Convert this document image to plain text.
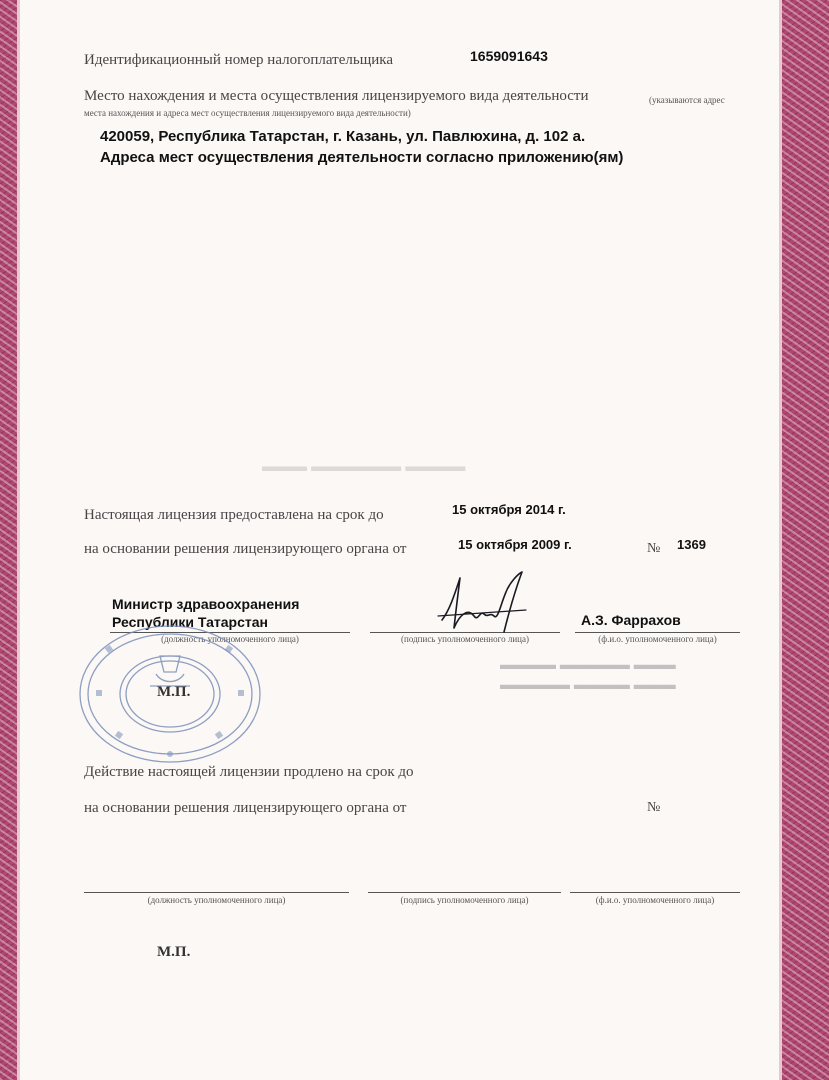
▬▬▬▬ ▬▬▬▬▬▬ ▬▬▬
▬▬▬ ▬▬▬▬▬ ▬▬▬▬
▬▬▬ ▬▬▬▬ ▬▬▬▬▬
Идентификационный номер налогоплательщика	1659091643
Место нахождения и места осуществления лицензируемого вида деятельности	(указываются адрес
места нахождения и адреса мест осуществления лицензируемого вида деятельности)
420059, Республика Татарстан, г. Казань, ул. Павлюхина, д. 102 а.
Адреса мест осуществления деятельности согласно приложению(ям)
Настоящая лицензия предоставлена на срок до	15 октября 2014 г.
на основании решения лицензирующего органа от	15 октября 2009 г.	№ 1369
Министр здравоохранения
Республики Татарстан	А.З. Фаррахов
(должность уполномоченного лица)	(подпись уполномоченного лица)	(ф.и.о. уполномоченного лица)
М.П.
Действие настоящей лицензии продлено на срок до
на основании решения лицензирующего органа от	№
(должность уполномоченного лица)	(подпись уполномоченного лица)	(ф.и.о. уполномоченного лица)
М.П.
